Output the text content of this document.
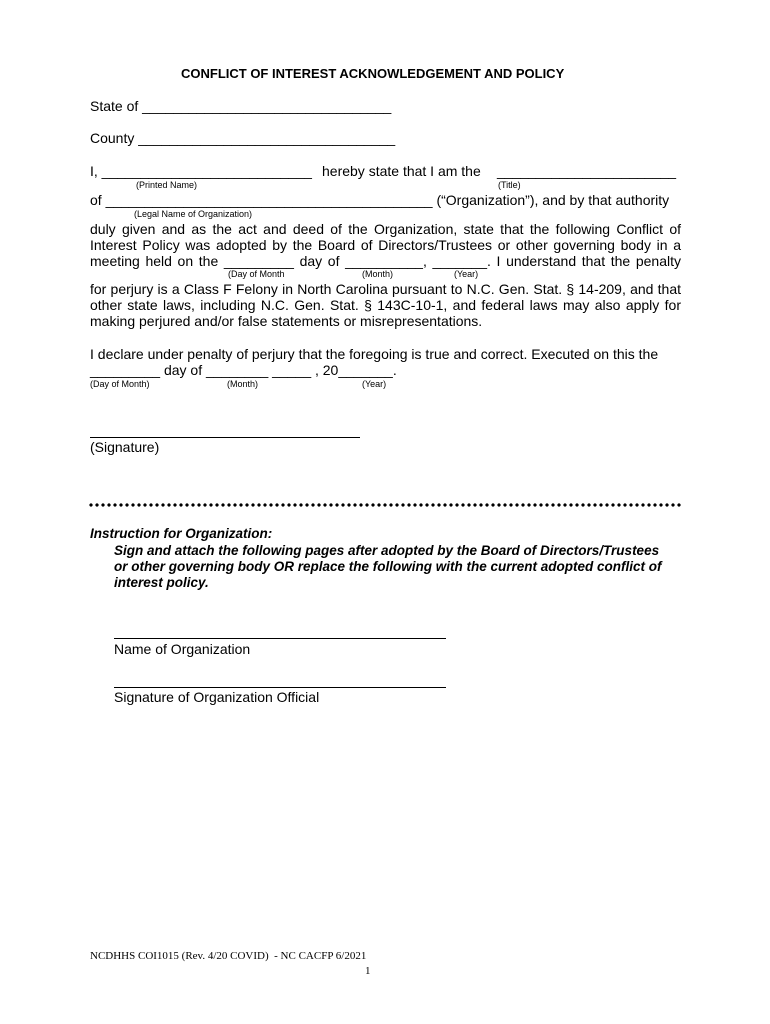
CONFLICT OF INTEREST ACKNOWLEDGEMENT AND POLICY
State of ________________________________
County _________________________________
I, ___________________________ hereby state that I am the _______________________
(Printed Name)	(Title)
of __________________________________________ (“Organization”), and by that authority
(Legal Name of Organization)
duly given and as the act and deed of the Organization, state that the following Conflict of
Interest Policy was adopted by the Board of Directors/Trustees or other governing body in a
meeting held on the _________ day of __________, _______. I understand that the penalty
(Day of Month	(Month)	(Year)
for perjury is a Class F Felony in North Carolina pursuant to N.C. Gen. Stat. § 14-209, and that
other state laws, including N.C. Gen. Stat. § 143C-10-1, and federal laws may also apply for
making perjured and/or false statements or misrepresentations.
I declare under penalty of perjury that the foregoing is true and correct. Executed on this the
_________ day of ________ _____ , 20_______.
(Day of Month)	(Month)	(Year)
(Signature)
Instruction for Organization:
Sign and attach the following pages after adopted by the Board of Directors/Trustees
or other governing body OR replace the following with the current adopted conflict of
interest policy.
Name of Organization
Signature of Organization Official
NCDHHS COI1015 (Rev. 4/20 COVID)  - NC CACFP 6/2021
1
